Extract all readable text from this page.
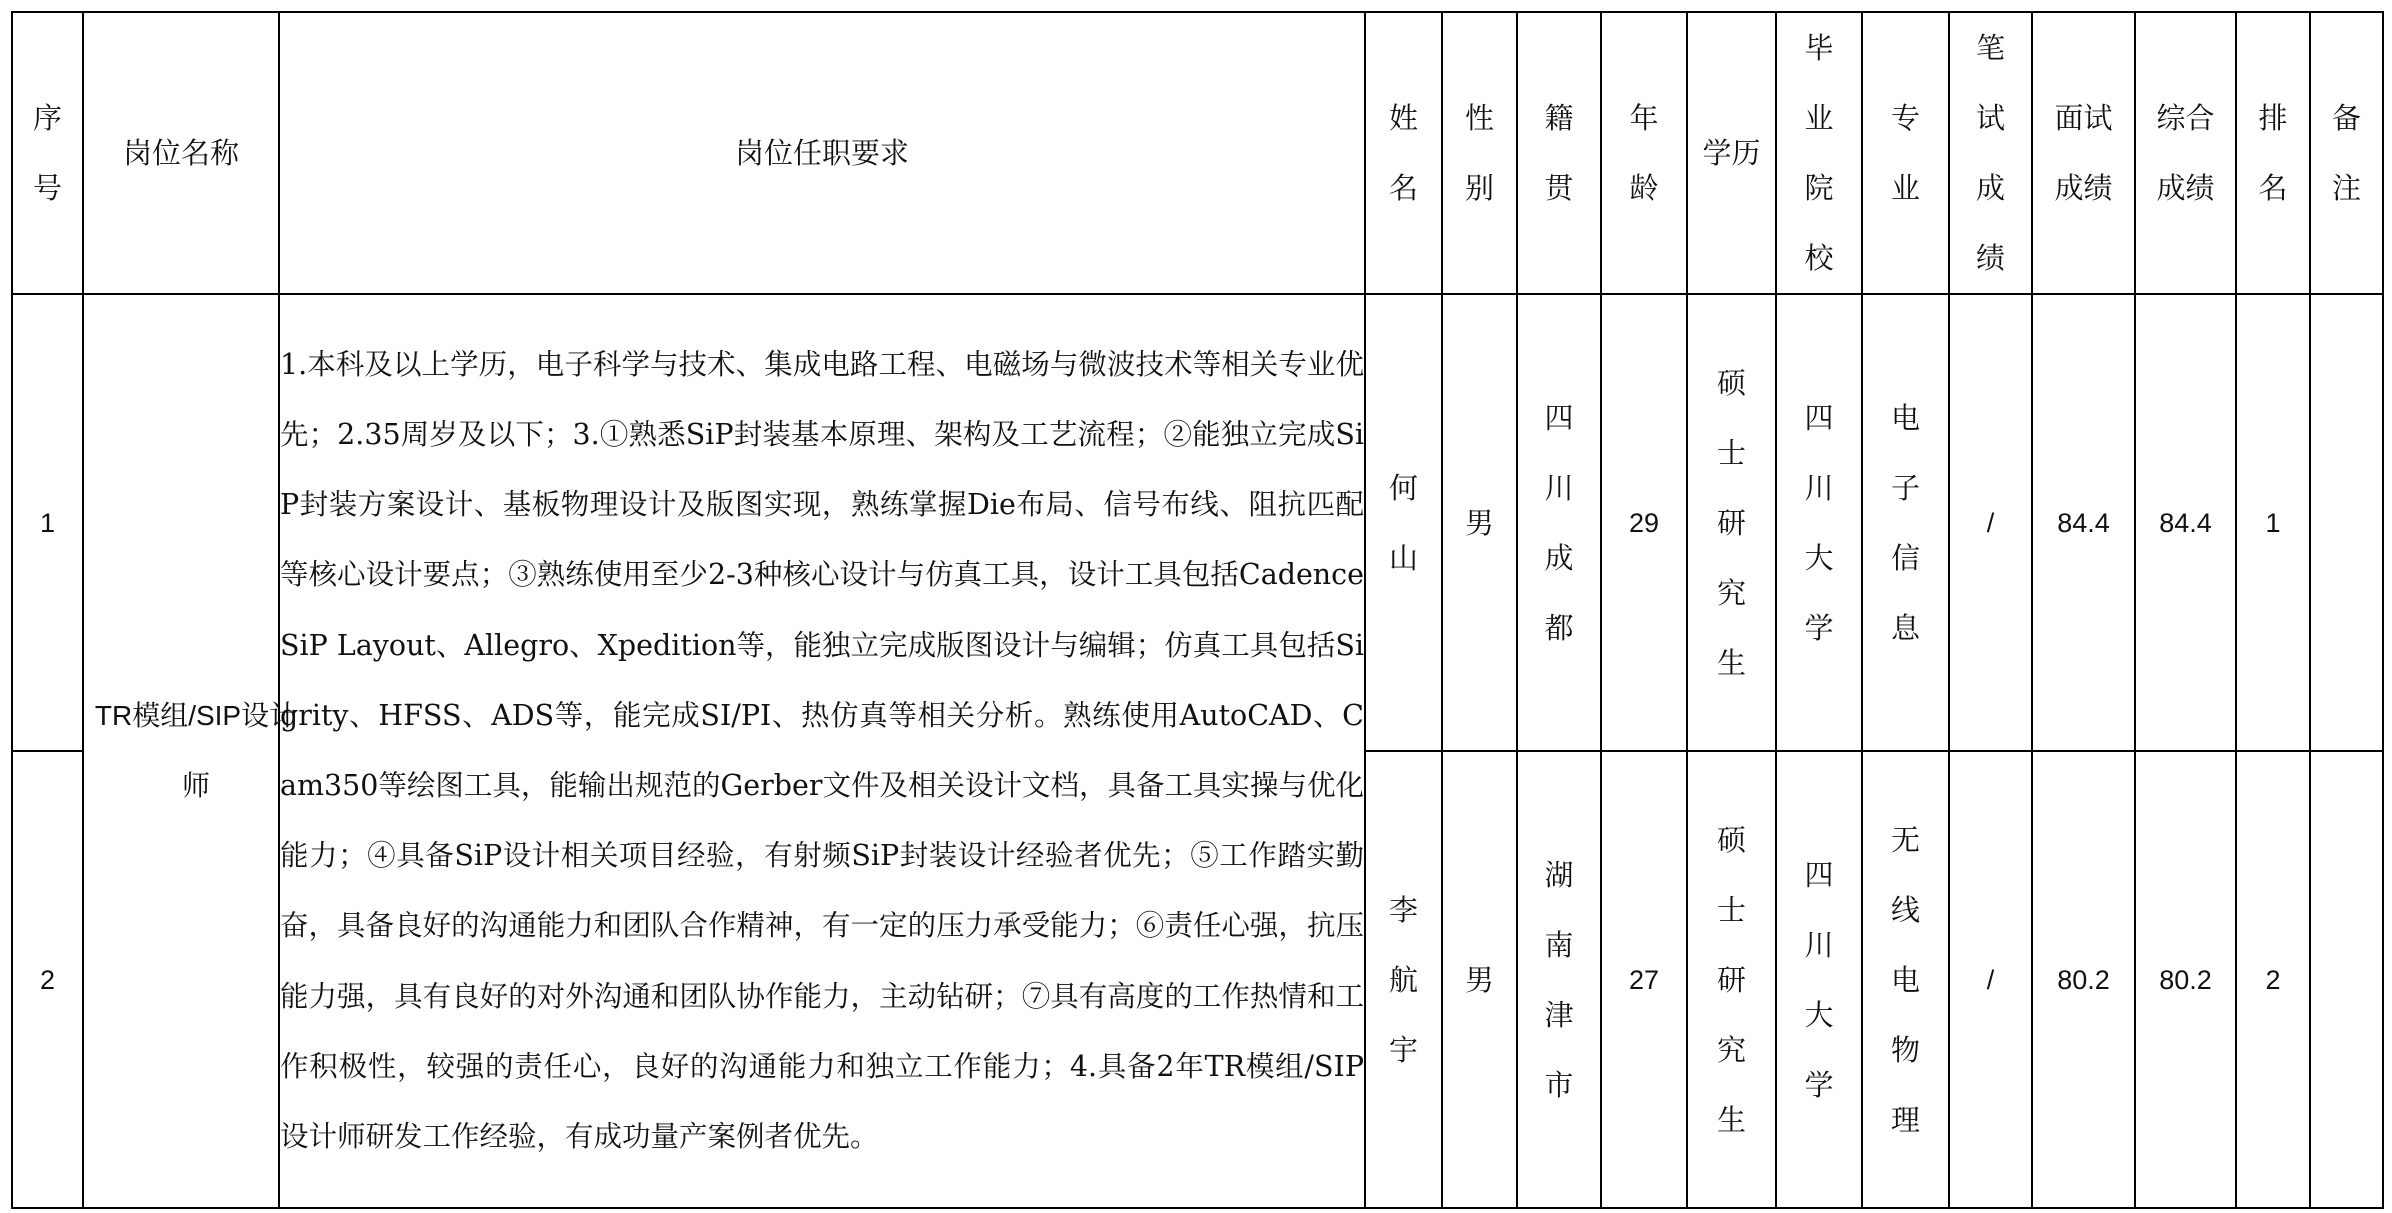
序号	岗位名称	岗位任职要求	姓名	性别	籍贯	年龄	学历	毕业院校	专业	笔试成绩	面试成绩	综合成绩	排名	备注
1	TR模组/SIP设计师	1.本科及以上学历，电子科学与技术、集成电路工程、电磁场与微波技术等相关专业优先；2.35周岁及以下；3.①熟悉SiP封装基本原理、架构及工艺流程；②能独立完成SiP封装方案设计、基板物理设计及版图实现，熟练掌握Die布局、信号布线、阻抗匹配等核心设计要点；③熟练使用至少2-3种核心设计与仿真工具，设计工具包括Cadence SiP Layout、Allegro、Xpedition等，能独立完成版图设计与编辑；仿真工具包括Sigrity、HFSS、ADS等，能完成SI/PI、热仿真等相关分析。熟练使用AutoCAD、Cam350等绘图工具，能输出规范的Gerber文件及相关设计文档，具备工具实操与优化能力；④具备SiP设计相关项目经验，有射频SiP封装设计经验者优先；⑤工作踏实勤奋，具备良好的沟通能力和团队合作精神，有一定的压力承受能力；⑥责任心强，抗压能力强，具有良好的对外沟通和团队协作能力，主动钻研；⑦具有高度的工作热情和工作积极性，较强的责任心，良好的沟通能力和独立工作能力；4.具备2年TR模组/SIP设计师研发工作经验，有成功量产案例者优先。	何山	男	四川成都	29	硕士研究生	四川大学	电子信息	/	84.4	84.4	1	
2			李航宇	男	湖南津市	27	硕士研究生	四川大学	无线电物理	/	80.2	80.2	2	
